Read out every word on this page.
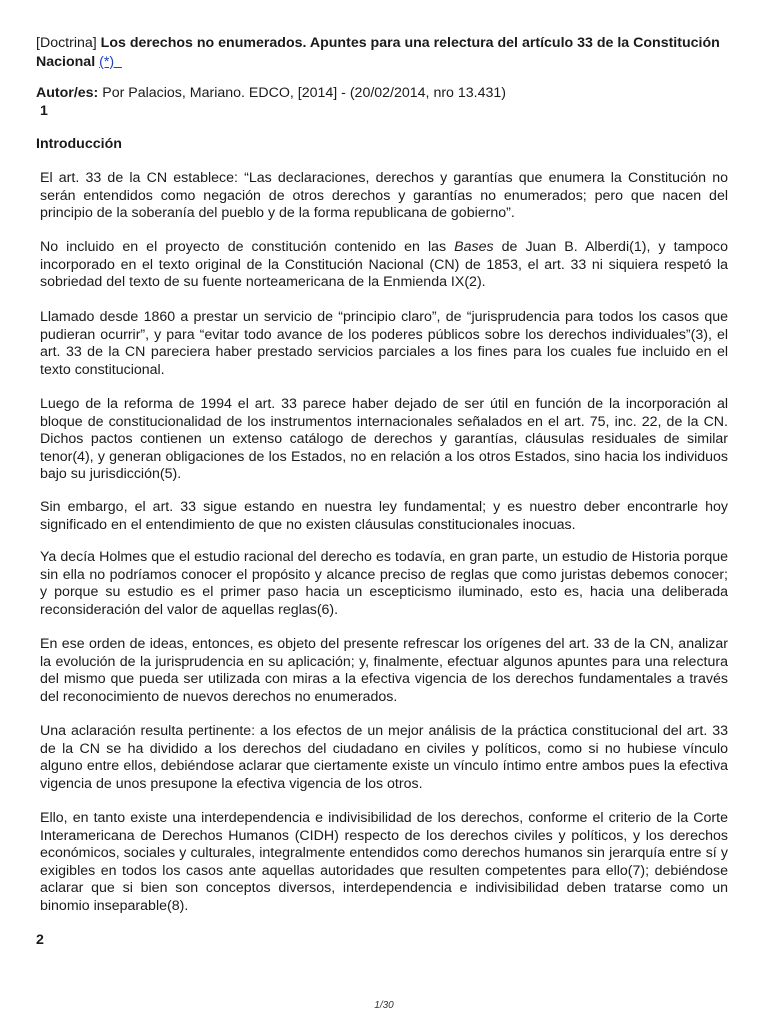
[Doctrina] Los derechos no enumerados. Apuntes para una relectura del artículo 33 de la Constitución

Nacional (*)

Autor/es: Por Palacios, Mariano. EDCO, [2014] - (20/02/2014, nro 13.431)
1
Introducción

El art. 33 de la CN establece: “Las declaraciones, derechos y garantías que enumera la Constitución no serán entendidos como negación de otros derechos y garantías no enumerados; pero que nacen del principio de la soberanía del pueblo y de la forma republicana de gobierno”.

No incluido en el proyecto de constitución contenido en las Bases de Juan B. Alberdi(1), y tampoco incorporado en el texto original de la Constitución Nacional (CN) de 1853, el art. 33 ni siquiera respetó la sobriedad del texto de su fuente norteamericana de la Enmienda IX(2).

Llamado desde 1860 a prestar un servicio de “principio claro”, de “jurisprudencia para todos los casos que pudieran ocurrir”, y para “evitar todo avance de los poderes públicos sobre los derechos individuales”(3), el art. 33 de la CN pareciera haber prestado servicios parciales a los fines para los cuales fue incluido en el texto constitucional.

Luego de la reforma de 1994 el art. 33 parece haber dejado de ser útil en función de la incorporación al bloque de constitucionalidad de los instrumentos internacionales señalados en el art. 75, inc. 22, de la CN. Dichos pactos contienen un extenso catálogo de derechos y garantías, cláusulas residuales de similar tenor(4), y generan obligaciones de los Estados, no en relación a los otros Estados, sino hacia los individuos bajo su jurisdicción(5).

Sin embargo, el art. 33 sigue estando en nuestra ley fundamental; y es nuestro deber encontrarle hoy significado en el entendimiento de que no existen cláusulas constitucionales inocuas.

Ya decía Holmes que el estudio racional del derecho es todavía, en gran parte, un estudio de Historia porque sin ella no podríamos conocer el propósito y alcance preciso de reglas que como juristas debemos conocer; y porque su estudio es el primer paso hacia un escepticismo iluminado, esto es, hacia una deliberada reconsideración del valor de aquellas reglas(6).

En ese orden de ideas, entonces, es objeto del presente refrescar los orígenes del art. 33 de la CN, analizar la evolución de la jurisprudencia en su aplicación; y, finalmente, efectuar algunos apuntes para una relectura del mismo que pueda ser utilizada con miras a la efectiva vigencia de los derechos fundamentales a través del reconocimiento de nuevos derechos no enumerados.

Una aclaración resulta pertinente: a los efectos de un mejor análisis de la práctica constitucional del art. 33 de la CN se ha dividido a los derechos del ciudadano en civiles y políticos, como si no hubiese vínculo alguno entre ellos, debiéndose aclarar que ciertamente existe un vínculo íntimo entre ambos pues la efectiva vigencia de unos presupone la efectiva vigencia de los otros.

Ello, en tanto existe una interdependencia e indivisibilidad de los derechos, conforme el criterio de la Corte Interamericana de Derechos Humanos (CIDH) respecto de los derechos civiles y políticos, y los derechos económicos, sociales y culturales, integralmente entendidos como derechos humanos sin jerarquía entre sí y exigibles en todos los casos ante aquellas autoridades que resulten competentes para ello(7); debiéndose aclarar que si bien son conceptos diversos, interdependencia e indivisibilidad deben tratarse como un binomio inseparable(8).

2
1/30
